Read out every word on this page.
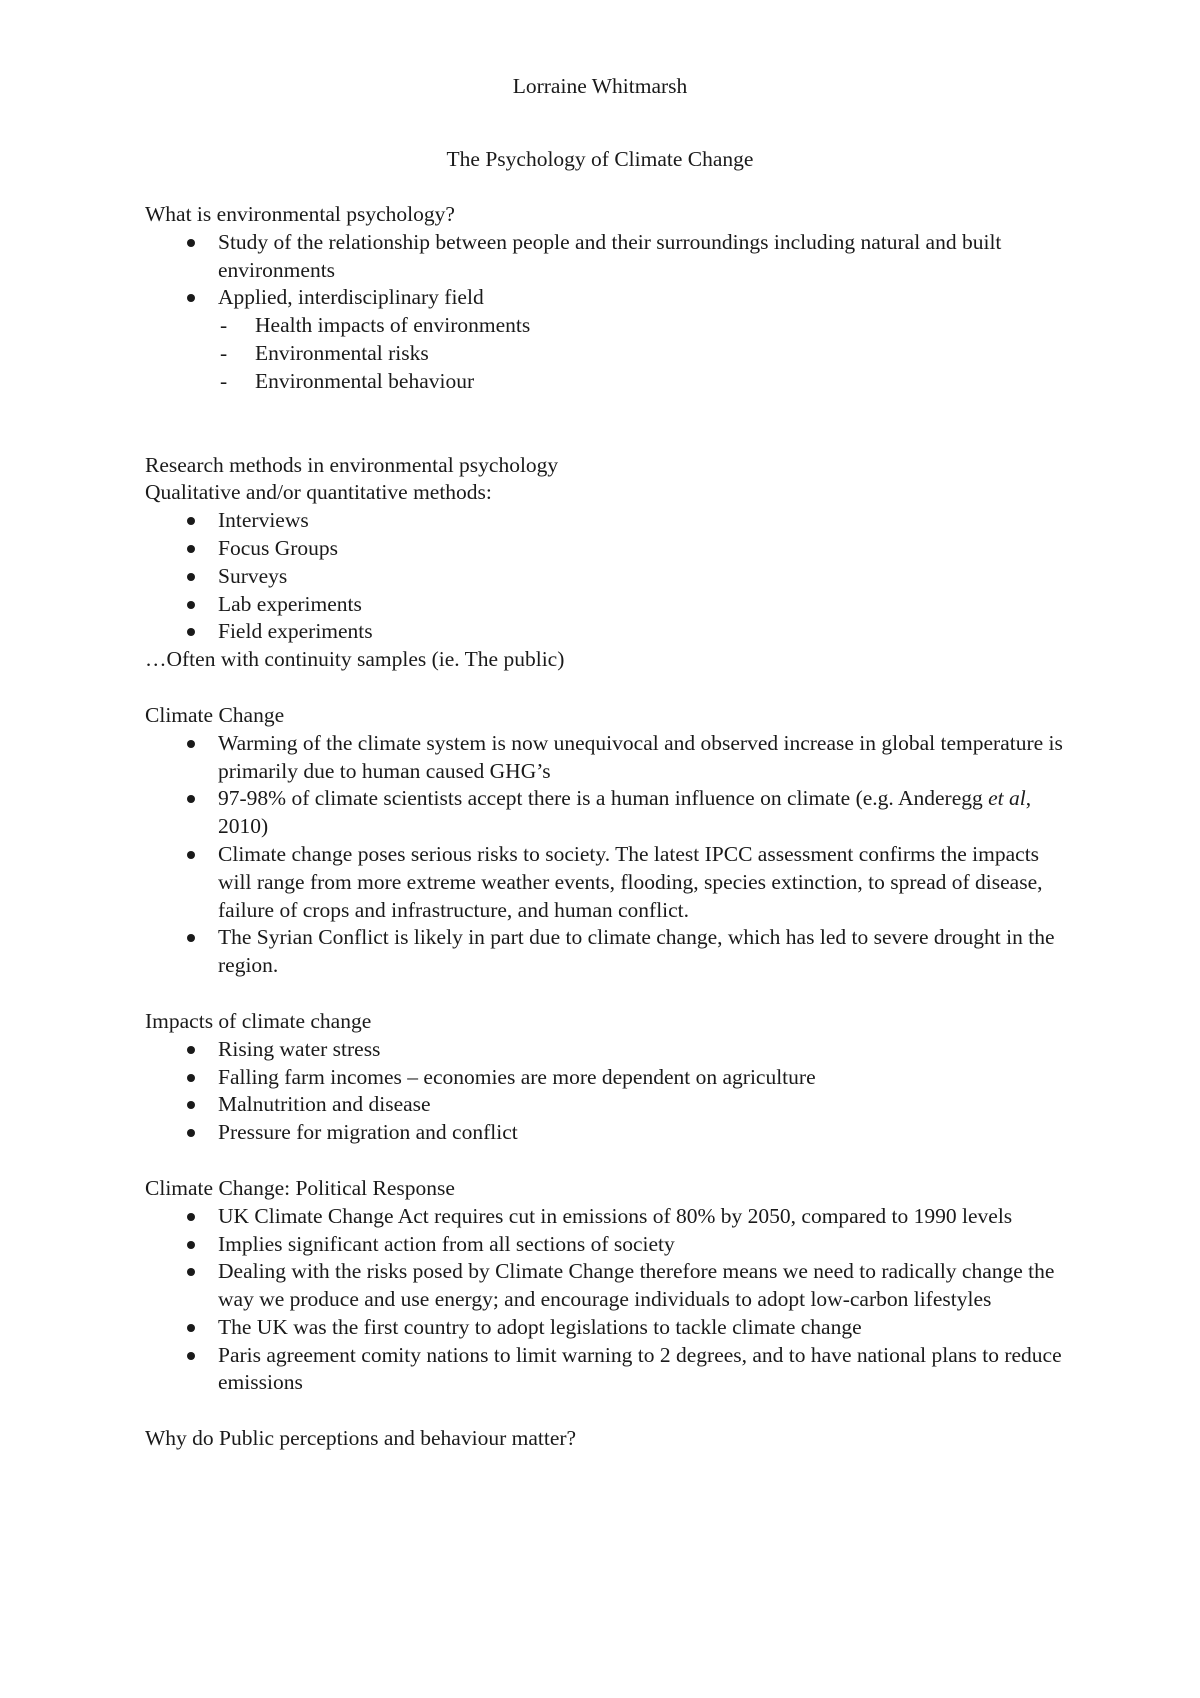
Lorraine Whitmarsh
The Psychology of Climate Change

What is environmental psychology?

Study of the relationship between people and their surroundings including natural and built environments
Applied, interdisciplinary field
- Health impacts of environments
- Environmental risks
- Environmental behaviour

Research methods in environmental psychology

Qualitative and/or quantitative methods:

Interviews
Focus Groups
Surveys
Lab experiments
Field experiments

…Often with continuity samples (ie. The public)

Climate Change

Warming of the climate system is now unequivocal and observed increase in global temperature is primarily due to human caused GHG’s
97-98% of climate scientists accept there is a human influence on climate (e.g. Anderegg et al, 2010)
Climate change poses serious risks to society. The latest IPCC assessment confirms the impacts will range from more extreme weather events, flooding, species extinction, to spread of disease, failure of crops and infrastructure, and human conflict.
The Syrian Conflict is likely in part due to climate change, which has led to severe drought in the region.

Impacts of climate change

Rising water stress
Falling farm incomes – economies are more dependent on agriculture
Malnutrition and disease
Pressure for migration and conflict

Climate Change: Political Response

UK Climate Change Act requires cut in emissions of 80% by 2050, compared to 1990 levels
Implies significant action from all sections of society
Dealing with the risks posed by Climate Change therefore means we need to radically change the way we produce and use energy; and encourage individuals to adopt low-carbon lifestyles
The UK was the first country to adopt legislations to tackle climate change
Paris agreement comity nations to limit warning to 2 degrees, and to have national plans to reduce emissions

Why do Public perceptions and behaviour matter?
